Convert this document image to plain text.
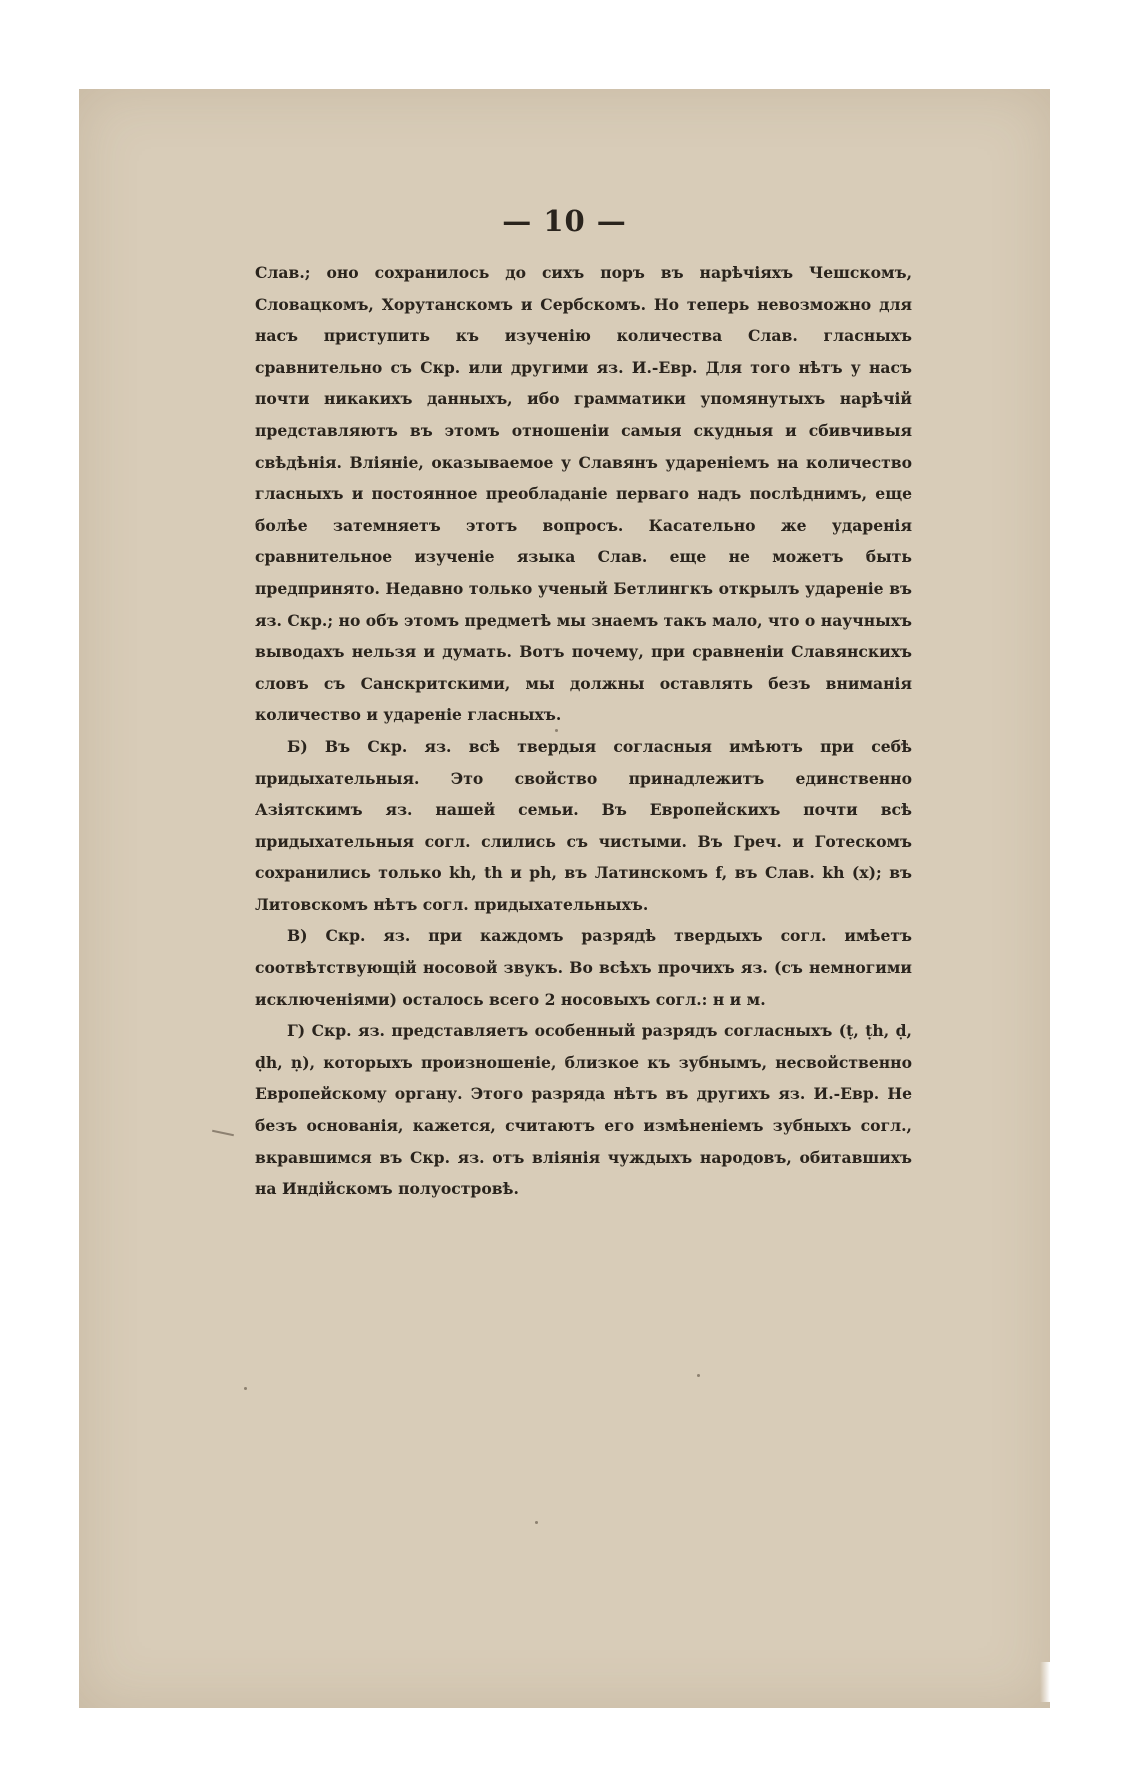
— 10 —

Слав.; оно сохранилось до сихъ поръ въ нарѣчіяхъ Чешскомъ, Словацкомъ, Хорутанскомъ и Сербскомъ. Но теперь невозможно для насъ приступить къ изученію количества Слав. гласныхъ сравнительно съ Скр. или другими яз. И.-Евр. Для того нѣтъ у насъ почти никакихъ данныхъ, ибо грамматики упомянутыхъ нарѣчій представляютъ въ этомъ отношеніи самыя скудныя и сбивчивыя свѣдѣнія. Вліяніе, оказываемое у Славянъ удареніемъ на количество гласныхъ и постоянное преобладаніе перваго надъ послѣднимъ, еще болѣе затемняетъ этотъ вопросъ. Касательно же ударенія сравнительное изученіе языка Слав. еще не можетъ быть предпринято. Недавно только ученый Бетлингкъ открылъ удареніе въ яз. Скр.; но объ этомъ предметѣ мы знаемъ такъ мало, что о научныхъ выводахъ нельзя и думать. Вотъ почему, при сравненіи Славянскихъ словъ съ Санскритскими, мы должны оставлять безъ вниманія количество и удареніе гласныхъ.

Б) Въ Скр. яз. всѣ твердыя согласныя имѣютъ при себѣ придыхательныя. Это свойство принадлежитъ единственно Азіятскимъ яз. нашей семьи. Въ Европейскихъ почти всѣ придыхательныя согл. слились съ чистыми. Въ Греч. и Готескомъ сохранились только kh, th и ph, въ Латинскомъ f, въ Слав. kh (x); въ Литовскомъ нѣтъ согл. придыхательныхъ.

В) Скр. яз. при каждомъ разрядѣ твердыхъ согл. имѣетъ соотвѣтствующій носовой звукъ. Во всѣхъ прочихъ яз. (съ немногими исключеніями) осталось всего 2 носовыхъ согл.: н и м.

Г) Скр. яз. представляетъ особенный разрядъ согласныхъ (ṭ, ṭh, ḍ, ḍh, ṇ), которыхъ произношеніе, близкое къ зубнымъ, несвойственно Европейскому органу. Этого разряда нѣтъ въ другихъ яз. И.-Евр. Не безъ основанія, кажется, считаютъ его измѣненіемъ зубныхъ согл., вкравшимся въ Скр. яз. отъ вліянія чуждыхъ народовъ, обитавшихъ на Индійскомъ полуостровѣ.
